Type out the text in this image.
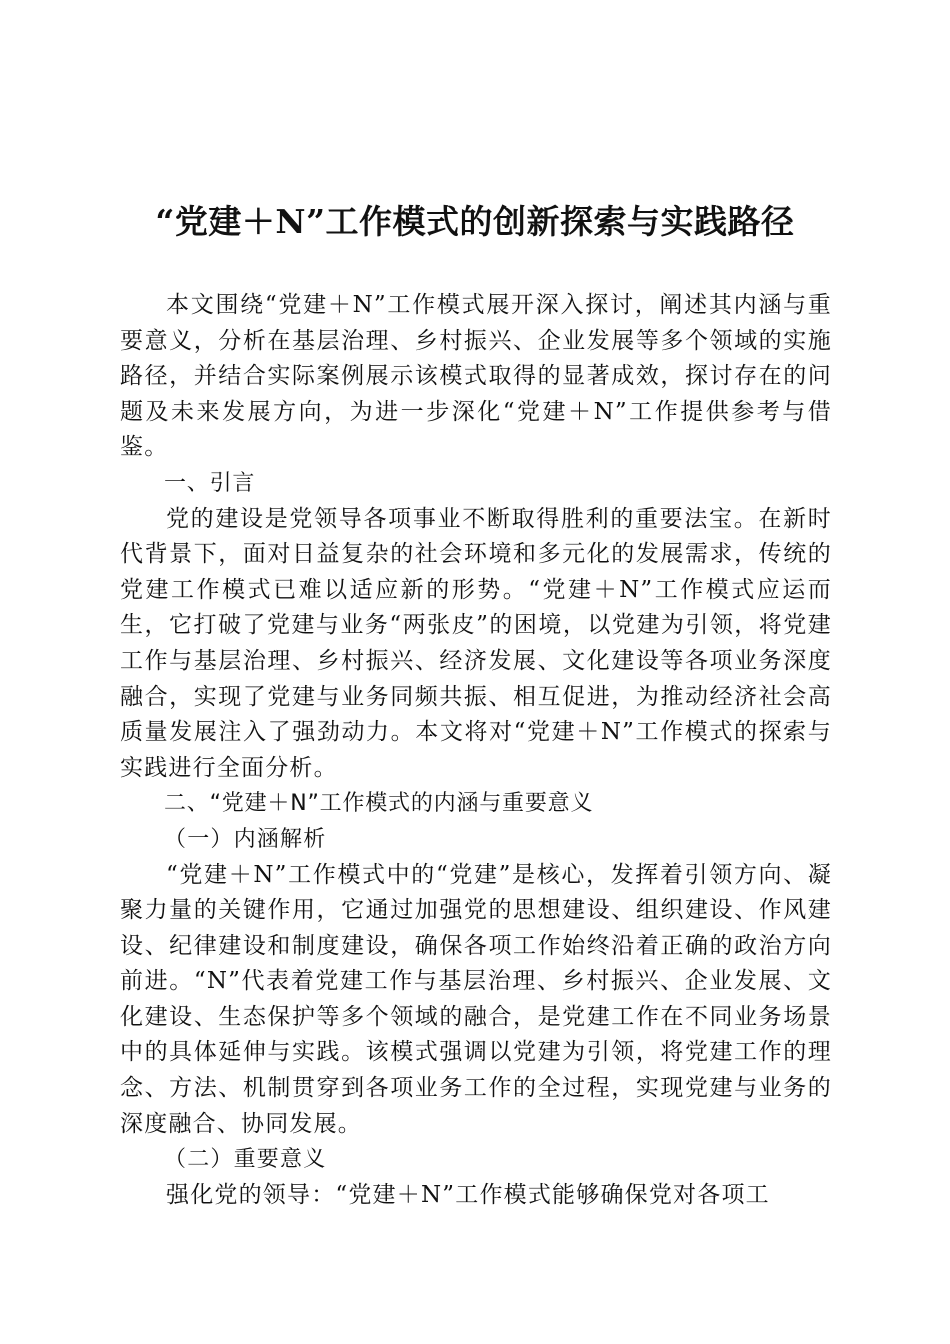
“党建＋N”工作模式的创新探索与实践路径

本文围绕“党建＋N”工作模式展开深入探讨，阐述其内涵与重要意义，分析在基层治理、乡村振兴、企业发展等多个领域的实施路径，并结合实际案例展示该模式取得的显著成效，探讨存在的问题及未来发展方向，为进一步深化“党建＋N”工作提供参考与借鉴。

一、引言

党的建设是党领导各项事业不断取得胜利的重要法宝。在新时代背景下，面对日益复杂的社会环境和多元化的发展需求，传统的党建工作模式已难以适应新的形势。“党建＋N”工作模式应运而生，它打破了党建与业务“两张皮”的困境，以党建为引领，将党建工作与基层治理、乡村振兴、经济发展、文化建设等各项业务深度融合，实现了党建与业务同频共振、相互促进，为推动经济社会高质量发展注入了强劲动力。本文将对“党建＋N”工作模式的探索与实践进行全面分析。

二、“党建＋N”工作模式的内涵与重要意义

（一）内涵解析

“党建＋N”工作模式中的“党建”是核心，发挥着引领方向、凝聚力量的关键作用，它通过加强党的思想建设、组织建设、作风建设、纪律建设和制度建设，确保各项工作始终沿着正确的政治方向前进。“N”代表着党建工作与基层治理、乡村振兴、企业发展、文化建设、生态保护等多个领域的融合，是党建工作在不同业务场景中的具体延伸与实践。该模式强调以党建为引领，将党建工作的理念、方法、机制贯穿到各项业务工作的全过程，实现党建与业务的深度融合、协同发展。

（二）重要意义

强化党的领导：“党建＋N”工作模式能够确保党对各项工
